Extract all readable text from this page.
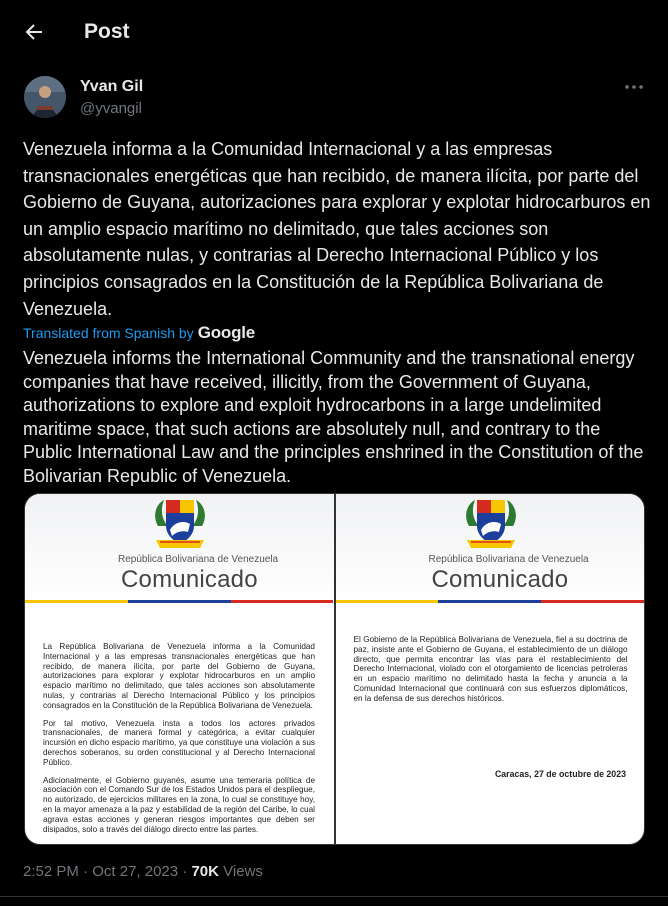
Post
Yvan Gil
@yvangil
Venezuela informa a la Comunidad Internacional y a las empresas transnacionales energéticas que han recibido, de manera ilícita, por parte del Gobierno de Guyana, autorizaciones para explorar y explotar hidrocarburos en un amplio espacio marítimo no delimitado, que tales acciones son absolutamente nulas, y contrarias al Derecho Internacional Público y los principios consagrados en la Constitución de la República Bolivariana de Venezuela.
Translated from Spanish by Google
Venezuela informs the International Community and the transnational energy companies that have received, illicitly, from the Government of Guyana, authorizations to explore and exploit hydrocarbons in a large undelimited maritime space, that such actions are absolutely null, and contrary to the Public International Law and the principles enshrined in the Constitution of the Bolivarian Republic of Venezuela.
República Bolivariana de Venezuela
Comunicado

La República Bolivariana de Venezuela informa a la Comunidad Internacional y a las empresas transnacionales energéticas que han recibido, de manera ilícita, por parte del Gobierno de Guyana, autorizaciones para explorar y explotar hidrocarburos en un amplio espacio marítimo no delimitado, que tales acciones son absolutamente nulas, y contrarias al Derecho Internacional Público y los principios consagrados en la Constitución de la República Bolivariana de Venezuela.

Por tal motivo, Venezuela insta a todos los actores privados transnacionales, de manera formal y categórica, a evitar cualquier incursión en dicho espacio marítimo, ya que constituye una violación a sus derechos soberanos, su orden constitucional y al Derecho Internacional Público.

Adicionalmente, el Gobierno guyanés, asume una temeraria política de asociación con el Comando Sur de los Estados Unidos para el despliegue, no autorizado, de ejercicios militares en la zona, lo cual se constituye hoy, en la mayor amenaza a la paz y estabilidad de la región del Caribe, lo cual agrava estas acciones y generan riesgos importantes que deben ser disipados, solo a través del diálogo directo entre las partes.

República Bolivariana de Venezuela
Comunicado

El Gobierno de la República Bolivariana de Venezuela, fiel a su doctrina de paz, insiste ante el Gobierno de Guyana, el establecimiento de un diálogo directo, que permita encontrar las vías para el restablecimiento del Derecho Internacional, violado con el otorgamiento de licencias petroleras en un espacio marítimo no delimitado hasta la fecha y anuncia a la Comunidad Internacional que continuará con sus esfuerzos diplomáticos, en la defensa de sus derechos históricos.

Caracas, 27 de octubre de 2023
2:52 PM · Oct 27, 2023 · 70K Views
